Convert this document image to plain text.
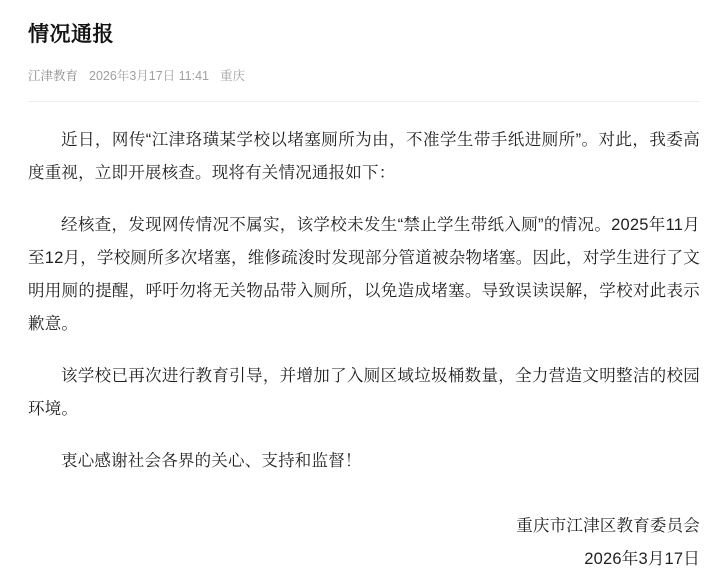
情况通报
江津教育 2026年3月17日 11:41 重庆

近日，网传“江津珞璜某学校以堵塞厕所为由，不准学生带手纸进厕所”。对此，我委高度重视，立即开展核查。现将有关情况通报如下：

经核查，发现网传情况不属实，该学校未发生“禁止学生带纸入厕”的情况。2025年11月至12月，学校厕所多次堵塞，维修疏浚时发现部分管道被杂物堵塞。因此，对学生进行了文明用厕的提醒，呼吁勿将无关物品带入厕所，以免造成堵塞。导致误读误解，学校对此表示歉意。

该学校已再次进行教育引导，并增加了入厕区域垃圾桶数量，全力营造文明整洁的校园环境。

衷心感谢社会各界的关心、支持和监督！

重庆市江津区教育委员会
2026年3月17日
